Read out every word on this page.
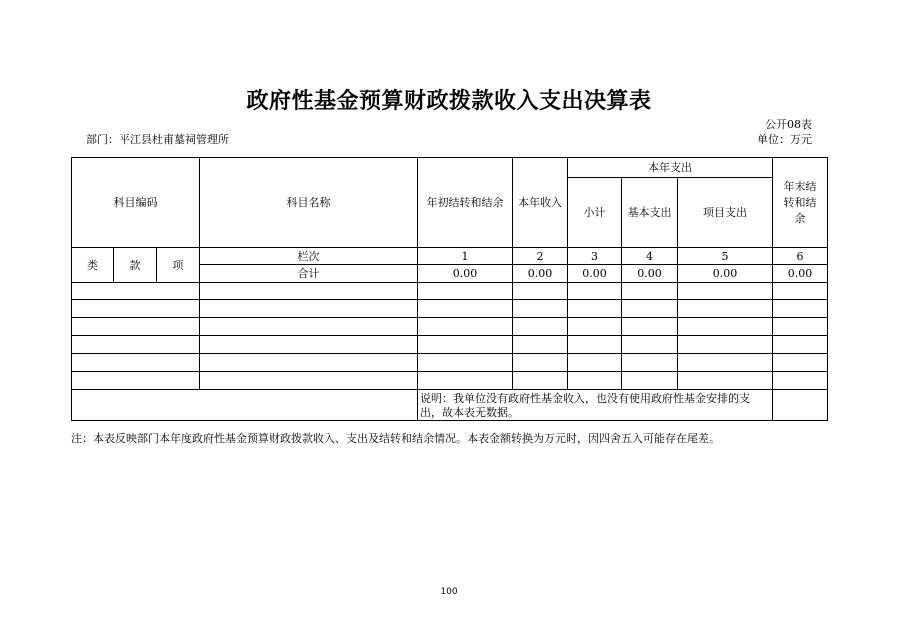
政府性基金预算财政拨款收入支出决算表
公开08表
部门：平江县杜甫墓祠管理所	单位：万元
科目编码			科目名称	年初结转和结余	本年收入	本年支出			年末结转和结余
						小计	基本支出	项目支出	
类	款	项	栏次	1	2	3	4	5	6
			合计	0.00	0.00	0.00	0.00	0.00	0.00

				说明：我单位没有政府性基金收入，也没有使用政府性基金安排的支出，故本表无数据。					
注：本表反映部门本年度政府性基金预算财政拨款收入、支出及结转和结余情况。本表金额转换为万元时，因四舍五入可能存在尾差。
100
